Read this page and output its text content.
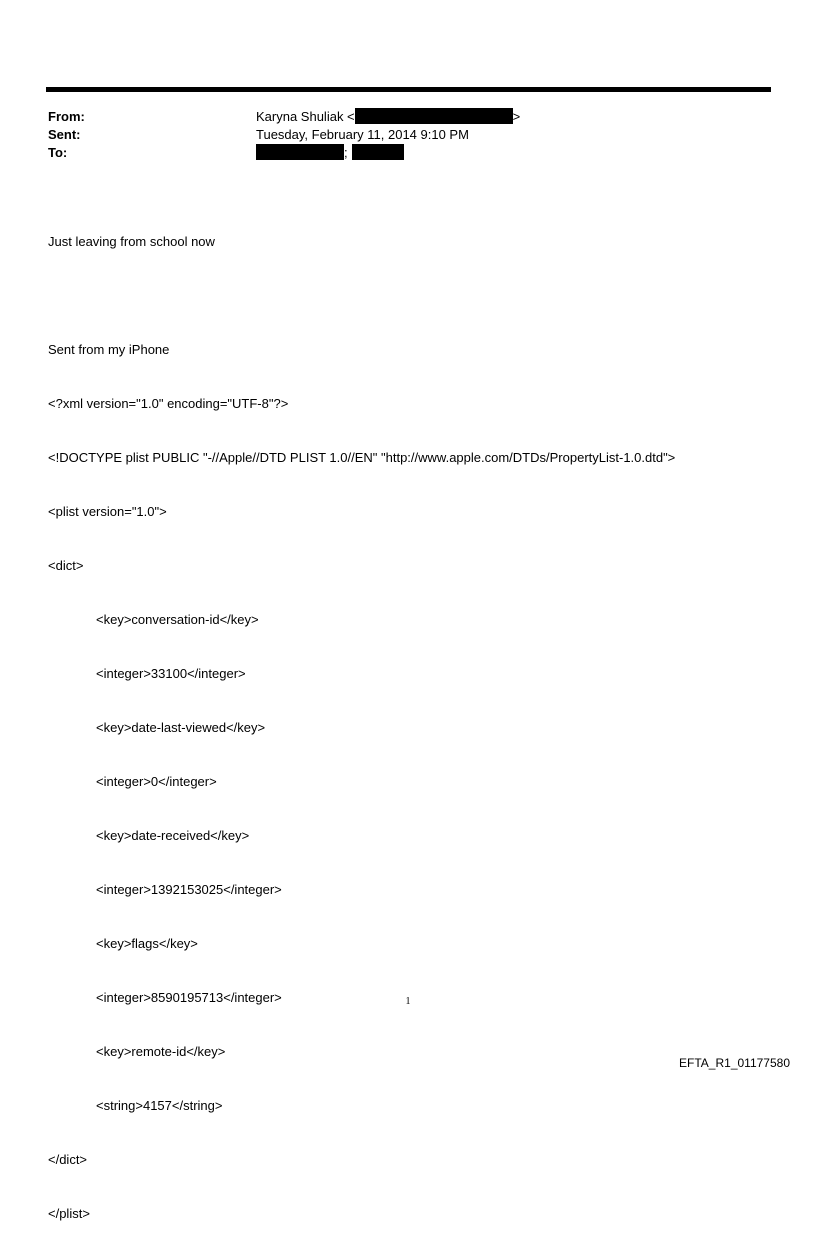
From:	Karyna Shuliak <	>
Sent:	Tuesday, February 11, 2014 9:10 PM
To:	;

Just leaving from school now

Sent from my iPhone

<?xml version="1.0" encoding="UTF-8"?>

<!DOCTYPE plist PUBLIC "-//Apple//DTD PLIST 1.0//EN" "http://www.apple.com/DTDs/PropertyList-1.0.dtd">

<plist version="1.0">

<dict>

<key>conversation-id</key>

<integer>33100</integer>

<key>date-last-viewed</key>

<integer>0</integer>

<key>date-received</key>

<integer>1392153025</integer>

<key>flags</key>

<integer>8590195713</integer>

<key>remote-id</key>

<string>4157</string>

</dict>

</plist>

1
EFTA_R1_01177580
